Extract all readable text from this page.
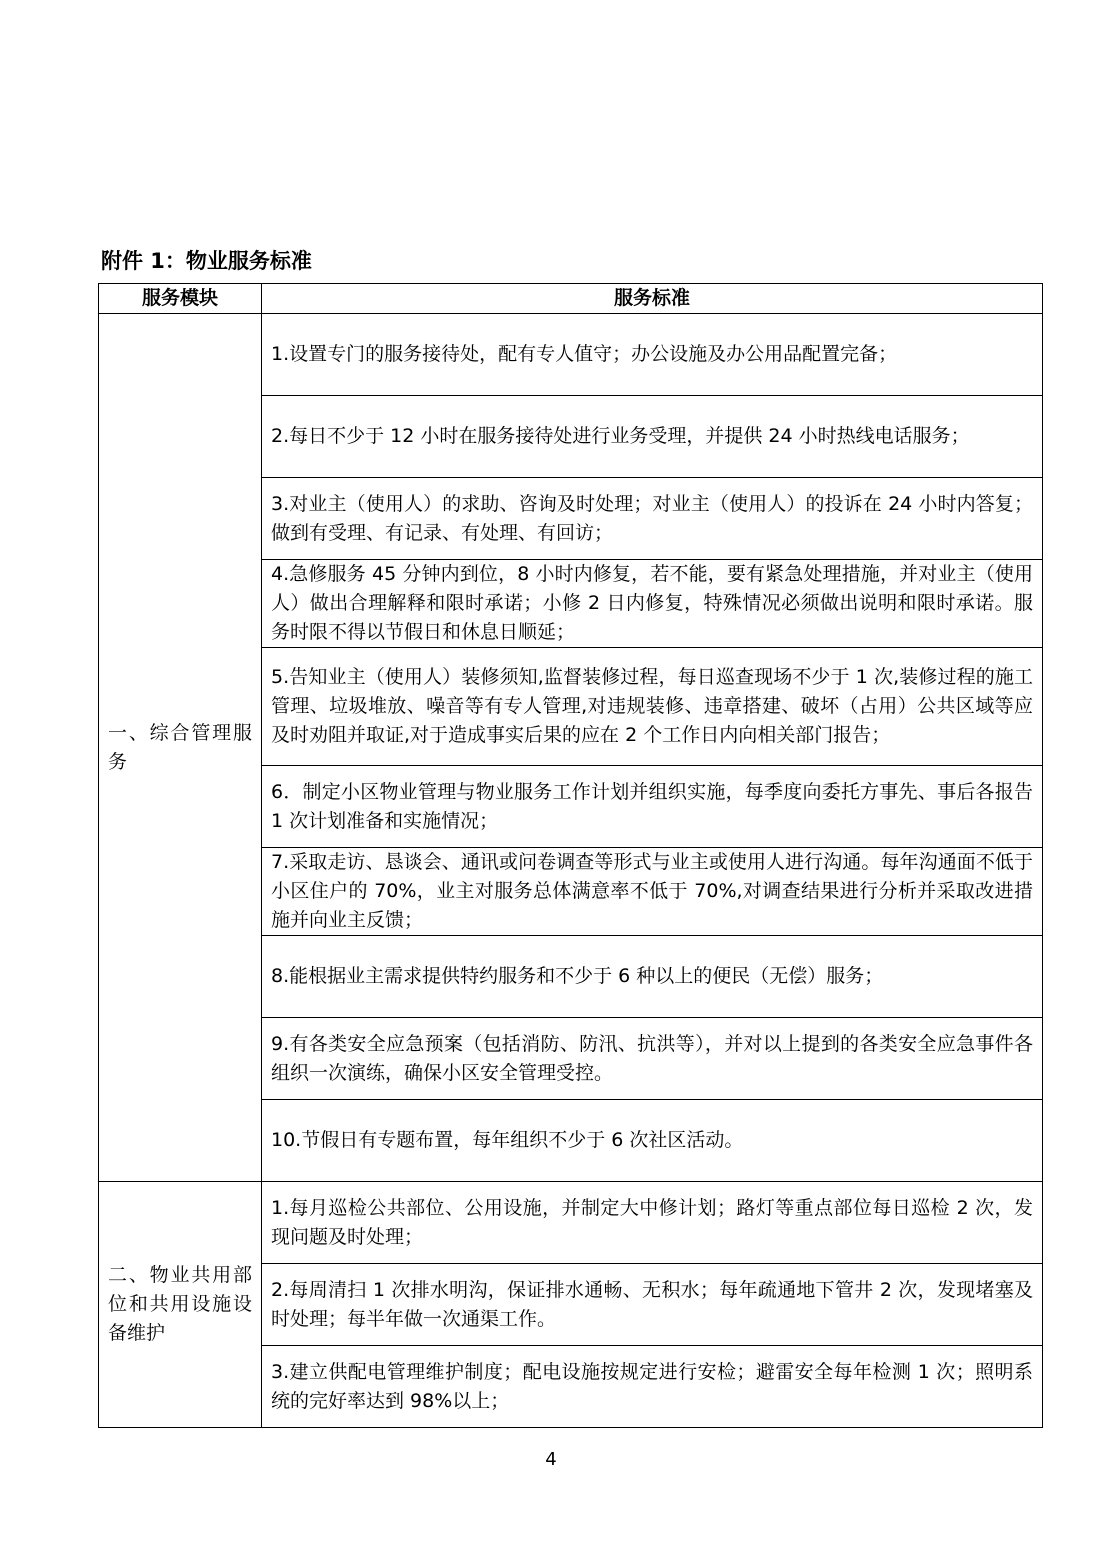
附件 1：物业服务标准
服务模块	服务标准

一、综合管理服务	1.设置专门的服务接待处，配有专人值守；办公设施及办公用品配置完备；
	2.每日不少于 12 小时在服务接待处进行业务受理，并提供 24 小时热线电话服务；
	3.对业主（使用人）的求助、咨询及时处理；对业主（使用人）的投诉在 24 小时内答复；做到有受理、有记录、有处理、有回访；
	4.急修服务 45 分钟内到位，8 小时内修复，若不能，要有紧急处理措施，并对业主（使用人）做出合理解释和限时承诺；小修 2 日内修复，特殊情况必须做出说明和限时承诺。服务时限不得以节假日和休息日顺延；
	5.告知业主（使用人）装修须知,监督装修过程，每日巡查现场不少于 1 次,装修过程的施工管理、垃圾堆放、噪音等有专人管理,对违规装修、违章搭建、破坏（占用）公共区域等应及时劝阻并取证,对于造成事实后果的应在 2 个工作日内向相关部门报告；
	6．制定小区物业管理与物业服务工作计划并组织实施，每季度向委托方事先、事后各报告 1 次计划准备和实施情况；
	7.采取走访、恳谈会、通讯或问卷调查等形式与业主或使用人进行沟通。每年沟通面不低于小区住户的 70%，业主对服务总体满意率不低于 70%,对调查结果进行分析并采取改进措施并向业主反馈；
	8.能根据业主需求提供特约服务和不少于 6 种以上的便民（无偿）服务；
	9.有各类安全应急预案（包括消防、防汛、抗洪等），并对以上提到的各类安全应急事件各组织一次演练，确保小区安全管理受控。
	10.节假日有专题布置，每年组织不少于 6 次社区活动。

二、物业共用部位和共用设施设备维护	1.每月巡检公共部位、公用设施，并制定大中修计划；路灯等重点部位每日巡检 2 次，发现问题及时处理；
	2.每周清扫 1 次排水明沟，保证排水通畅、无积水；每年疏通地下管井 2 次，发现堵塞及时处理；每半年做一次通渠工作。
	3.建立供配电管理维护制度；配电设施按规定进行安检；避雷安全每年检测 1 次；照明系统的完好率达到 98%以上；
4
